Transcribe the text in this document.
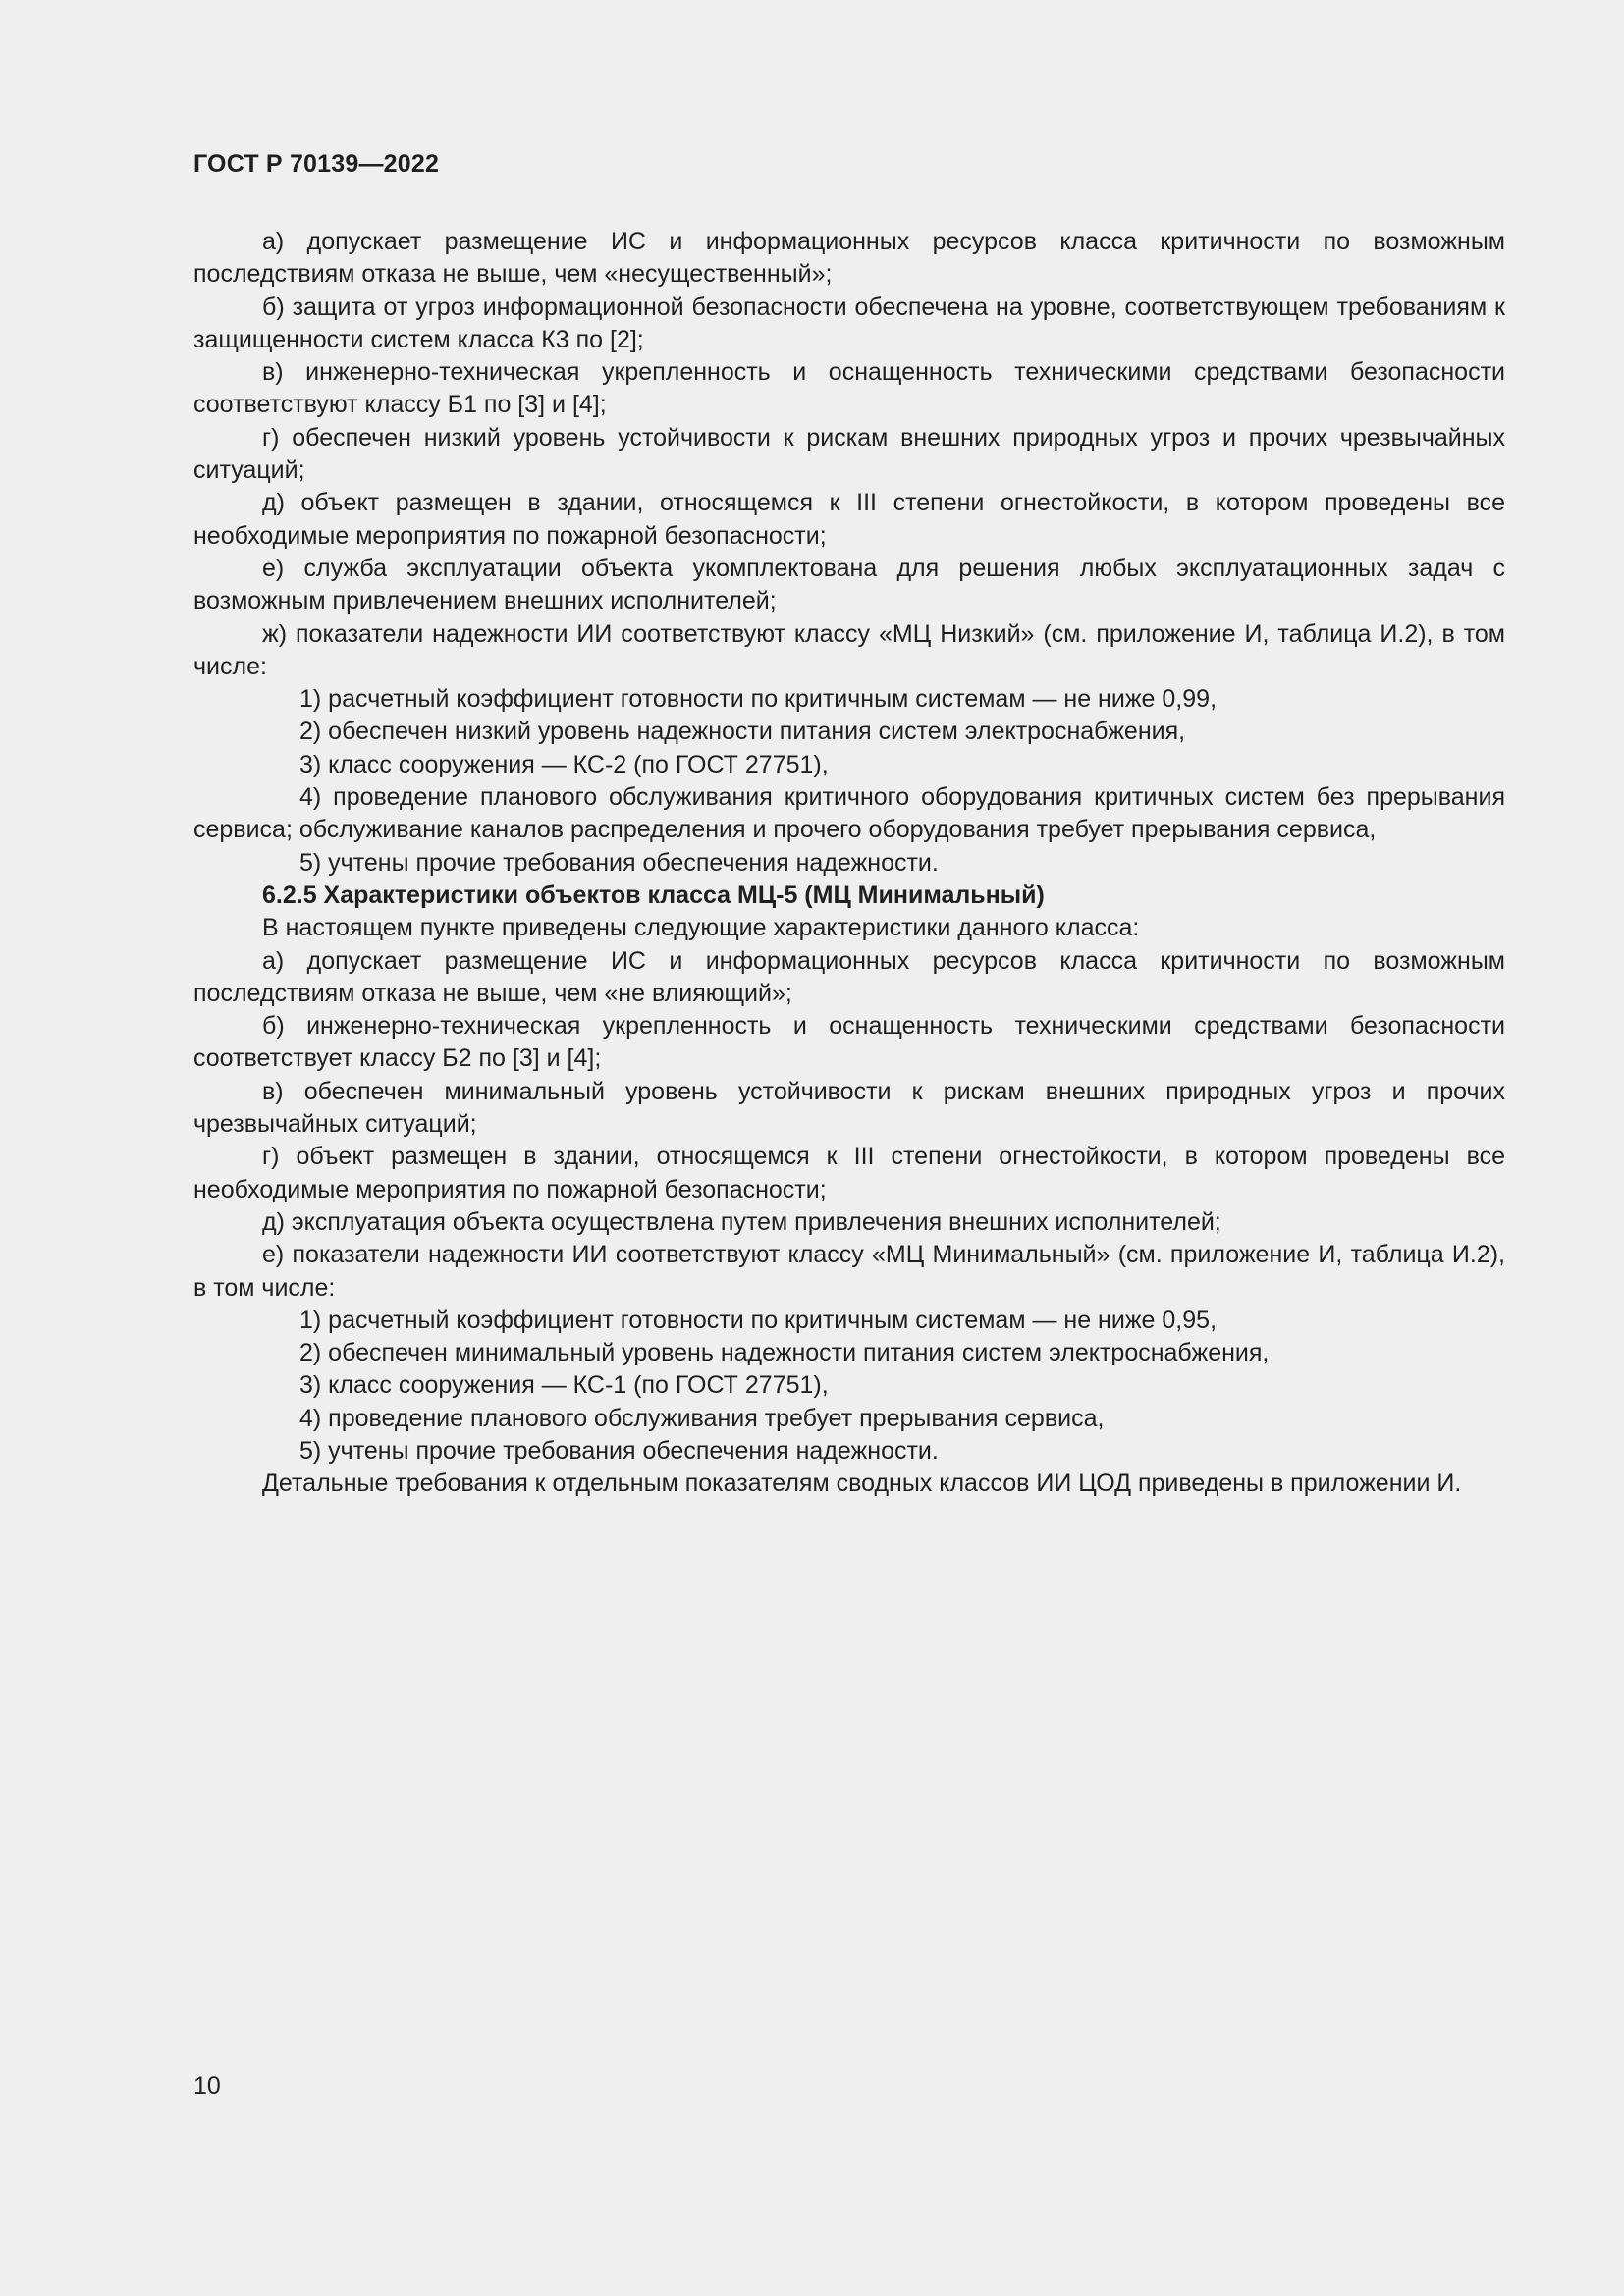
ГОСТ Р 70139—2022

а) допускает размещение ИС и информационных ресурсов класса критичности по возможным последствиям отказа не выше, чем «несущественный»;

б) защита от угроз информационной безопасности обеспечена на уровне, соответствующем требованиям к защищенности систем класса К3 по [2];

в) инженерно-техническая укрепленность и оснащенность техническими средствами безопасности соответствуют классу Б1 по [3] и [4];

г) обеспечен низкий уровень устойчивости к рискам внешних природных угроз и прочих чрезвычайных ситуаций;

д) объект размещен в здании, относящемся к III степени огнестойкости, в котором проведены все необходимые мероприятия по пожарной безопасности;

е) служба эксплуатации объекта укомплектована для решения любых эксплуатационных задач с возможным привлечением внешних исполнителей;

ж) показатели надежности ИИ соответствуют классу «МЦ Низкий» (см. приложение И, таблица И.2), в том числе:

1) расчетный коэффициент готовности по критичным системам — не ниже 0,99,

2) обеспечен низкий уровень надежности питания систем электроснабжения,

3) класс сооружения — КС-2 (по ГОСТ 27751),

4) проведение планового обслуживания критичного оборудования критичных систем без прерывания сервиса; обслуживание каналов распределения и прочего оборудования требует прерывания сервиса,

5) учтены прочие требования обеспечения надежности.

6.2.5 Характеристики объектов класса МЦ-5 (МЦ Минимальный)

В настоящем пункте приведены следующие характеристики данного класса:

а) допускает размещение ИС и информационных ресурсов класса критичности по возможным последствиям отказа не выше, чем «не влияющий»;

б) инженерно-техническая укрепленность и оснащенность техническими средствами безопасности соответствует классу Б2 по [3] и [4];

в) обеспечен минимальный уровень устойчивости к рискам внешних природных угроз и прочих чрезвычайных ситуаций;

г) объект размещен в здании, относящемся к III степени огнестойкости, в котором проведены все необходимые мероприятия по пожарной безопасности;

д) эксплуатация объекта осуществлена путем привлечения внешних исполнителей;

е) показатели надежности ИИ соответствуют классу «МЦ Минимальный» (см. приложение И, таблица И.2), в том числе:

1) расчетный коэффициент готовности по критичным системам — не ниже 0,95,

2) обеспечен минимальный уровень надежности питания систем электроснабжения,

3) класс сооружения — КС-1 (по ГОСТ 27751),

4) проведение планового обслуживания требует прерывания сервиса,

5) учтены прочие требования обеспечения надежности.

Детальные требования к отдельным показателям сводных классов ИИ ЦОД приведены в приложении И.

10
